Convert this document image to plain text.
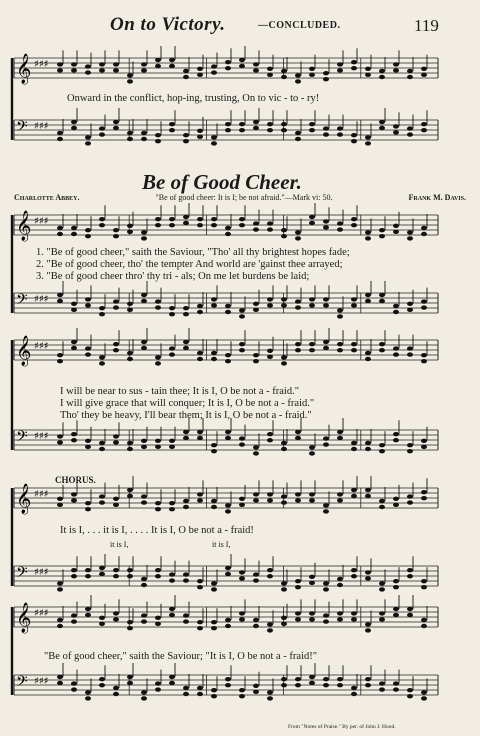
On to Victory.	—CONCLUDED.	119
𝄞 ♯♯♯
𝄢 ♯♯♯
𝄞 ♯♯♯
𝄢 ♯♯♯
𝄞 ♯♯♯
𝄢 ♯♯♯
𝄞 ♯♯♯
𝄢 ♯♯♯
𝄞 ♯♯♯
𝄢 ♯♯♯
Onward in the conflict, hop-ing, trusting, On to vic - to - ry!
Be of Good Cheer.
Charlotte Abbey.	"Be of good cheer: It is I; be not afraid."—Mark vi: 50.	Frank M. Davis.
1. "Be of good cheer," saith the Saviour, "Tho' all thy brightest hopes fade;
2. "Be of good cheer, tho' the tempter And world are 'gainst thee arrayed;
3. "Be of good cheer thro' thy tri - als; On me let burdens be laid;
I will be near to sus - tain thee; It is I, O be not a - fraid."
I will give grace that will conquer; It is I, O be not a - fraid."
Tho' they be heavy, I'll bear them; It is I, O be not a - fraid."
CHORUS.
It is I, . . . it is I, . . . . It is I, O be not a - fraid!
it is I,	it is I,
"Be of good cheer," saith the Saviour; "It is I, O be not a - fraid!"
From "Notes of Praise." By per. of John J. Hood.
